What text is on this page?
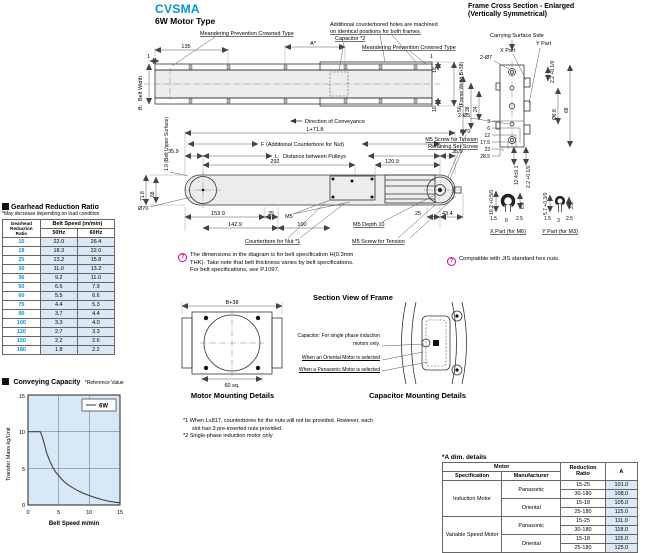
CVSMA
6W Motor Type
Frame Cross Section - Enlarged
(Vertically Symmetrical)
Meandering Prevention Crowned Type
Additional counterbored holes are machined
on identical positions for both frames.
Capacitor *2
Meandering Prevention Crowned Type
135	A*
1	1
10
10
(Frame Width B+38)
B:
Belt Width
Direction of Conveyance
L+71.8
F (Additional Counterbore for Nut)
L: Distance between Pulleys
35.9	35.9
292	120.9
71.8 68
1.9 (Belt Upper Surface)
Ø70
Ø70
M5 Screw for Tension
Retaining Set Screw
153.9	25 M5	25	43.4
142.9	100	M5 Depth 10
Counterbore for Nut *1	M5 Screw for Tension
?	The dimensions in the diagram is for belt specification H(0.3mm
THK). Take note that belt thickness varies by belt specifications.
For belt specifications, see P.1097.
Carrying Surface Side
2-Ø7
X Part
Y Part
2.2 +0.1/0
50 38 24
2-Ø5
3
6
12
17.5
23
28.5
12.4±0.1 2.2 +0.1/0
Ø6.8 68
10.2 +0.5/0	6.2
1.5 6 2.5
X Part (for M6)
5.7 +0.3/0	3.2
1.5 3 2.5
Y Part (for M3)
?	Compatible with JIS standard hex nuts.
Section View of Frame
B+38
60 sq.
Motor Mounting Details
Capacitor: For single phase induction
motors only.
When an Oriental Motor is selected
When a Panasonic Motor is selected
Capacitor Mounting Details
*1 When L≤817, counterbores for the nuts will not be provided. However, each
slot has 3 pre-inserted nuts provided.
*2 Single-phase induction motor only
Gearhead Reduction Ratio
*May decrease depending on load condition.
Gearhead
Reduction Ratio	Belt Speed (m/min)	
	50Hz	60Hz
15	22.0	26.4
18	18.3	22.0
25	13.2	15.8
30	11.0	13.2
36	9.2	11.0
50	6.6	7.9
60	5.5	6.6
75	4.4	5.3
90	3.7	4.4
100	3.3	4.0
120	2.7	3.3
150	2.2	2.6
180	1.8	2.2
Conveying Capacity *Reference Value
6W
15
10
5
0
0	5	10	15
Transfer Mass kg/Unit
Belt Speed m/min
*A dim. details
Motor		Reduction
Ratio	A
Specification	Manufacturer		
Induction Motor	Panasonic	15-25	101.0
		30-180	108.0
	Oriental	15-18	105.0
		25-180	115.0
Variable Speed Motor	Panasonic	15-25	111.0
		30-180	118.0
	Oriental	15-18	115.0
		25-180	125.0
